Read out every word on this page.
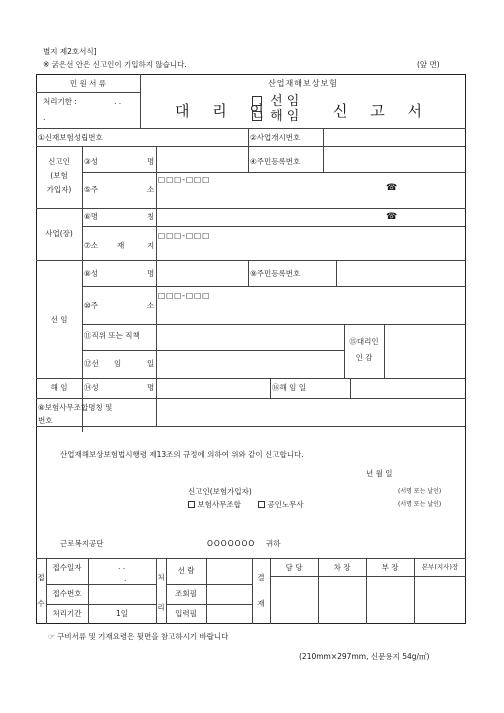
별지 제2호서식]
※ 굵은선 안은 신고인이 기입하지 않습니다.	(앞 면)
민 원 서 류
처리기한 :	. .
.
산업재해보상보험
대 리 인
선임
해임 신 고 서
①신재보험성립번호	②사업개시번호
신고인
(보험
가입자)
③성	명	④주민등록번호
□□□-□□□
⑤주	소	☎
사업(장)
⑥명	칭	☎
□□□-□□□
⑦소	재	지
선 임
⑧성	명	⑨주민등록번호
□□□-□□□
⑩주	소
⑪직위 또는 직책
⑫선 임	일
⑮대리인
인 감
해 임	⑭성	명	⑯해 임 일
⑧보험사무조합명칭 및
번호
산업재해보상보험법시행령 제13조의 규정에 의하여 위와 같이 신고합니다.
년 월 일
신고인(보험가입자)	(서명 또는 날인)
보험사무조합	공인노무사	(서명 또는 날인)
근로복지공단	OOOOOOO 귀하
접
수
접수일자	. .
.
접수번호
처리기간	1일
처
리
선 람
조회필
입력필
결
재
담 당	차 장	부 장	본부(지사)장
☞ 구비서류 및 기재요령은 뒷면을 참고하시기 바랍니다
(210mm×297mm, 신문용지 54g/㎡)
